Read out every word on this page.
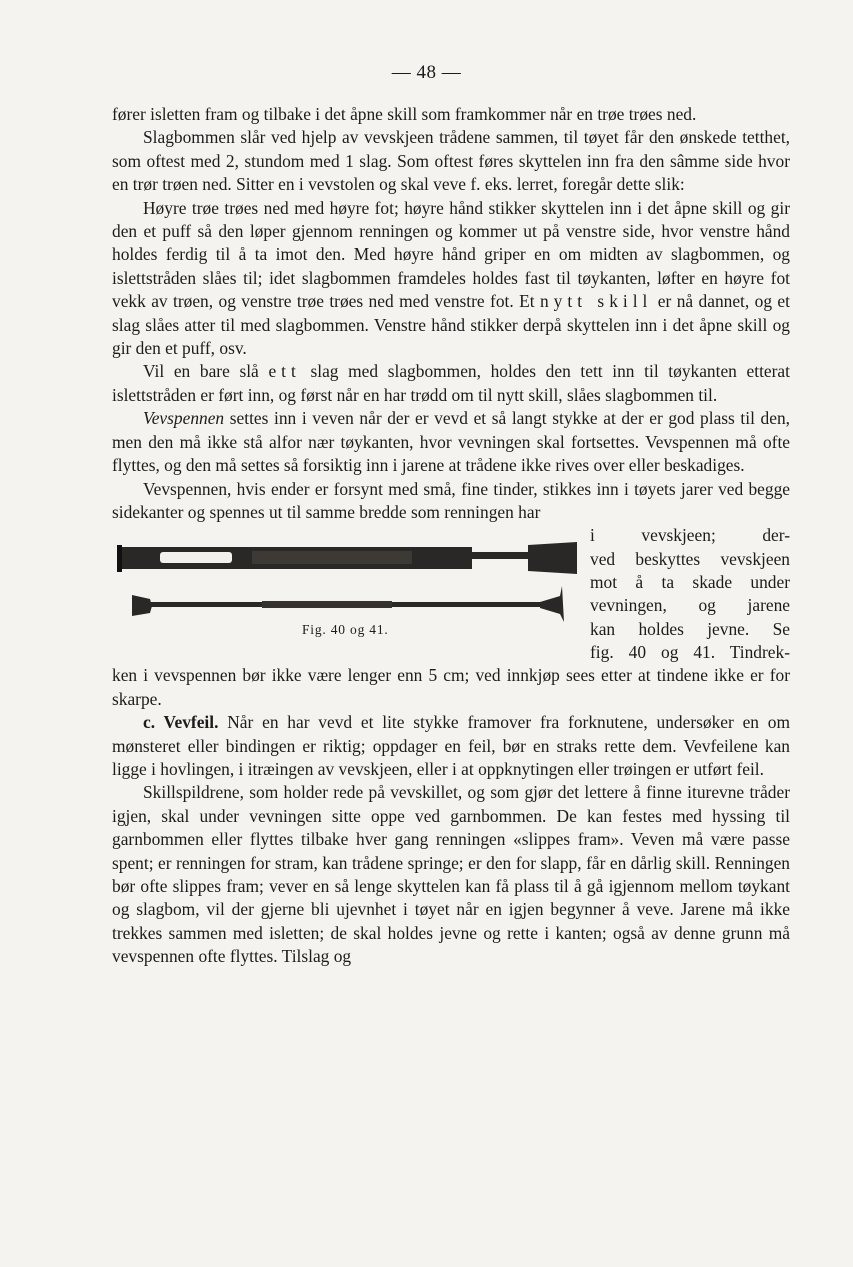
— 48 —

fører isletten fram og tilbake i det åpne skill som framkommer når en trøe trøes ned.

Slagbommen slår ved hjelp av vevskjeen trådene sammen, til tøyet får den ønskede tetthet, som oftest med 2, stundom med 1 slag. Som oftest føres skyttelen inn fra den sâmme side hvor en trør trøen ned. Sitter en i vevstolen og skal veve f. eks. lerret, foregår dette slik:

Høyre trøe trøes ned med høyre fot; høyre hånd stikker skyttelen inn i det åpne skill og gir den et puff så den løper gjennom renningen og kommer ut på venstre side, hvor venstre hånd holdes ferdig til å ta imot den. Med høyre hånd griper en om midten av slagbommen, og islettstråden slåes til; idet slagbommen framdeles holdes fast til tøykanten, løfter en høyre fot vekk av trøen, og venstre trøe trøes ned med venstre fot. Et nytt skill er nå dannet, og et slag slåes atter til med slagbommen. Venstre hånd stikker derpå skyttelen inn i det åpne skill og gir den et puff, osv.

Vil en bare slå ett slag med slagbommen, holdes den tett inn til tøykanten etterat islettstråden er ført inn, og først når en har trødd om til nytt skill, slåes slagbommen til.

Vevspennen settes inn i veven når der er vevd et så langt stykke at der er god plass til den, men den må ikke stå alfor nær tøykanten, hvor vevningen skal fortsettes. Vevspennen må ofte flyttes, og den må settes så forsiktig inn i jarene at trådene ikke rives over eller beskadiges.

Vevspennen, hvis ender er forsynt med små, fine tinder, stikkes inn i tøyets jarer ved begge sidekanter og spennes ut til samme bredde som renningen har

Fig. 40 og 41.
i vevskjeen; der-
ved beskyttes vevskjeen
mot å ta skade under
vevningen, og jarene
kan holdes jevne. Se
fig. 40 og 41. Tindrek-

ken i vevspennen bør ikke være lenger enn 5 cm; ved innkjøp sees etter at tindene ikke er for skarpe.

c. Vevfeil. Når en har vevd et lite stykke framover fra forknutene, undersøker en om mønsteret eller bindingen er riktig; oppdager en feil, bør en straks rette dem. Vevfeilene kan ligge i hovlingen, i itræingen av vevskjeen, eller i at oppknytingen eller trøingen er utført feil.

Skillspildrene, som holder rede på vevskillet, og som gjør det lettere å finne iturevne tråder igjen, skal under vevningen sitte oppe ved garnbommen. De kan festes med hyssing til garnbommen eller flyttes tilbake hver gang renningen «slippes fram». Veven må være passe spent; er renningen for stram, kan trådene springe; er den for slapp, får en dårlig skill. Renningen bør ofte slippes fram; vever en så lenge skyttelen kan få plass til å gå igjennom mellom tøykant og slagbom, vil der gjerne bli ujevnhet i tøyet når en igjen begynner å veve. Jarene må ikke trekkes sammen med isletten; de skal holdes jevne og rette i kanten; også av denne grunn må vevspennen ofte flyttes. Tilslag og
